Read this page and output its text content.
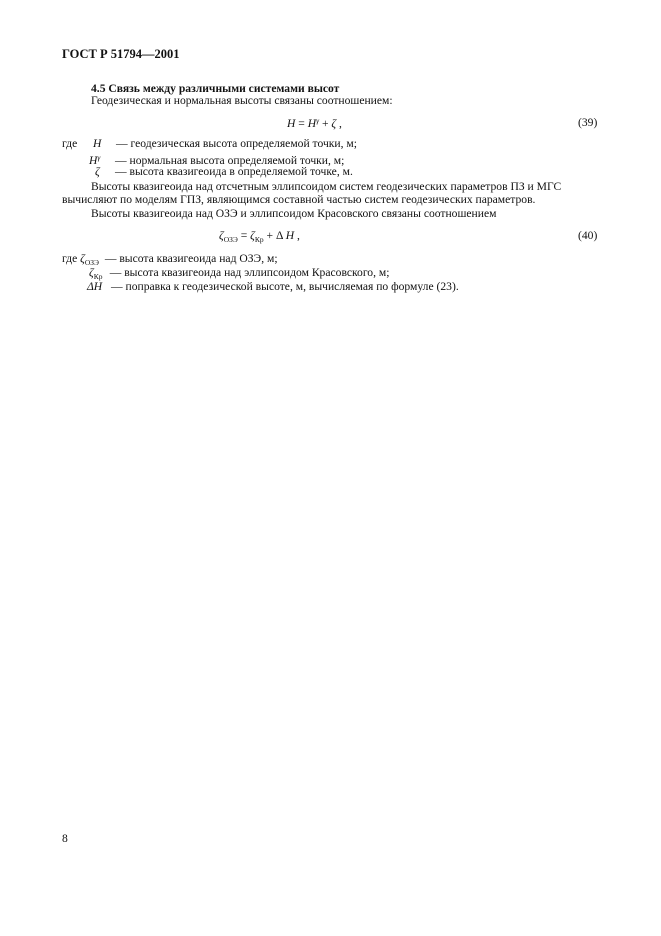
ГОСТ Р 51794—2001
4.5 Связь между различными системами высот
Геодезическая и нормальная высоты связаны соотношением:
$H = H^\gamma + \zeta$ ,	(39)
где H — геодезическая высота определяемой точки, м;
$H^\gamma$ — нормальная высота определяемой точки, м;
ζ — высота квазигеоида в определяемой точке, м.
Высоты квазигеоида над отсчетным эллипсоидом систем геодезических параметров ПЗ и МГС
вычисляют по моделям ГПЗ, являющимся составной частью систем геодезических параметров.
Высоты квазигеоида над ОЗЭ и эллипсоидом Красовского связаны соотношением
$\zeta_{ОЗЭ} = \zeta_{Кр} + \Delta$ H ,	(40)
где ζОЗЭ — высота квазигеоида над ОЗЭ, м;
ζКр — высота квазигеоида над эллипсоидом Красовского, м;
ΔH — поправка к геодезической высоте, м, вычисляемая по формуле (23).
8
